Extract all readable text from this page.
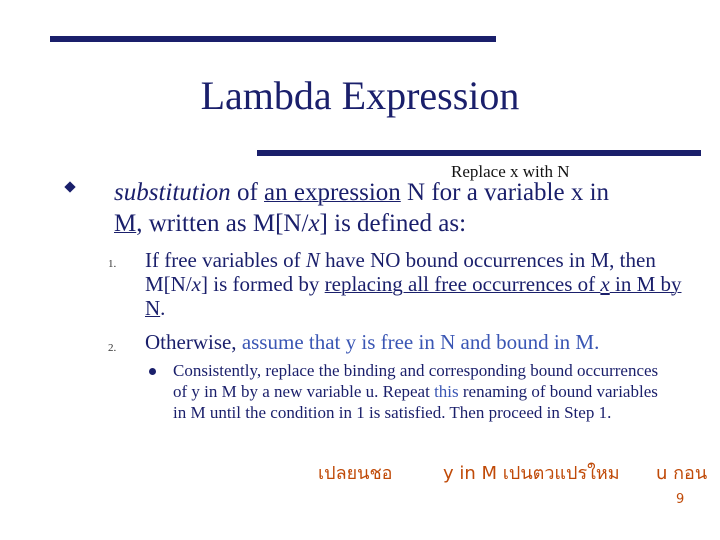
Lambda Expression
Replace x with N
substitution of an expression N for a variable x in
M, written as M[N/x] is defined as:
1. If free variables of N have NO bound occurrences in M, then M[N/x] is formed by replacing all free occurrences of x in M by N.
2. Otherwise, assume that y is free in N and bound in M.
Consistently, replace the binding and corresponding bound occurrences of y in M by a new variable u. Repeat this renaming of bound variables in M until the condition in 1 is satisfied. Then proceed in Step 1.
เปลยนชอ	y in M เปนตวแปรใหม u กอน
9
